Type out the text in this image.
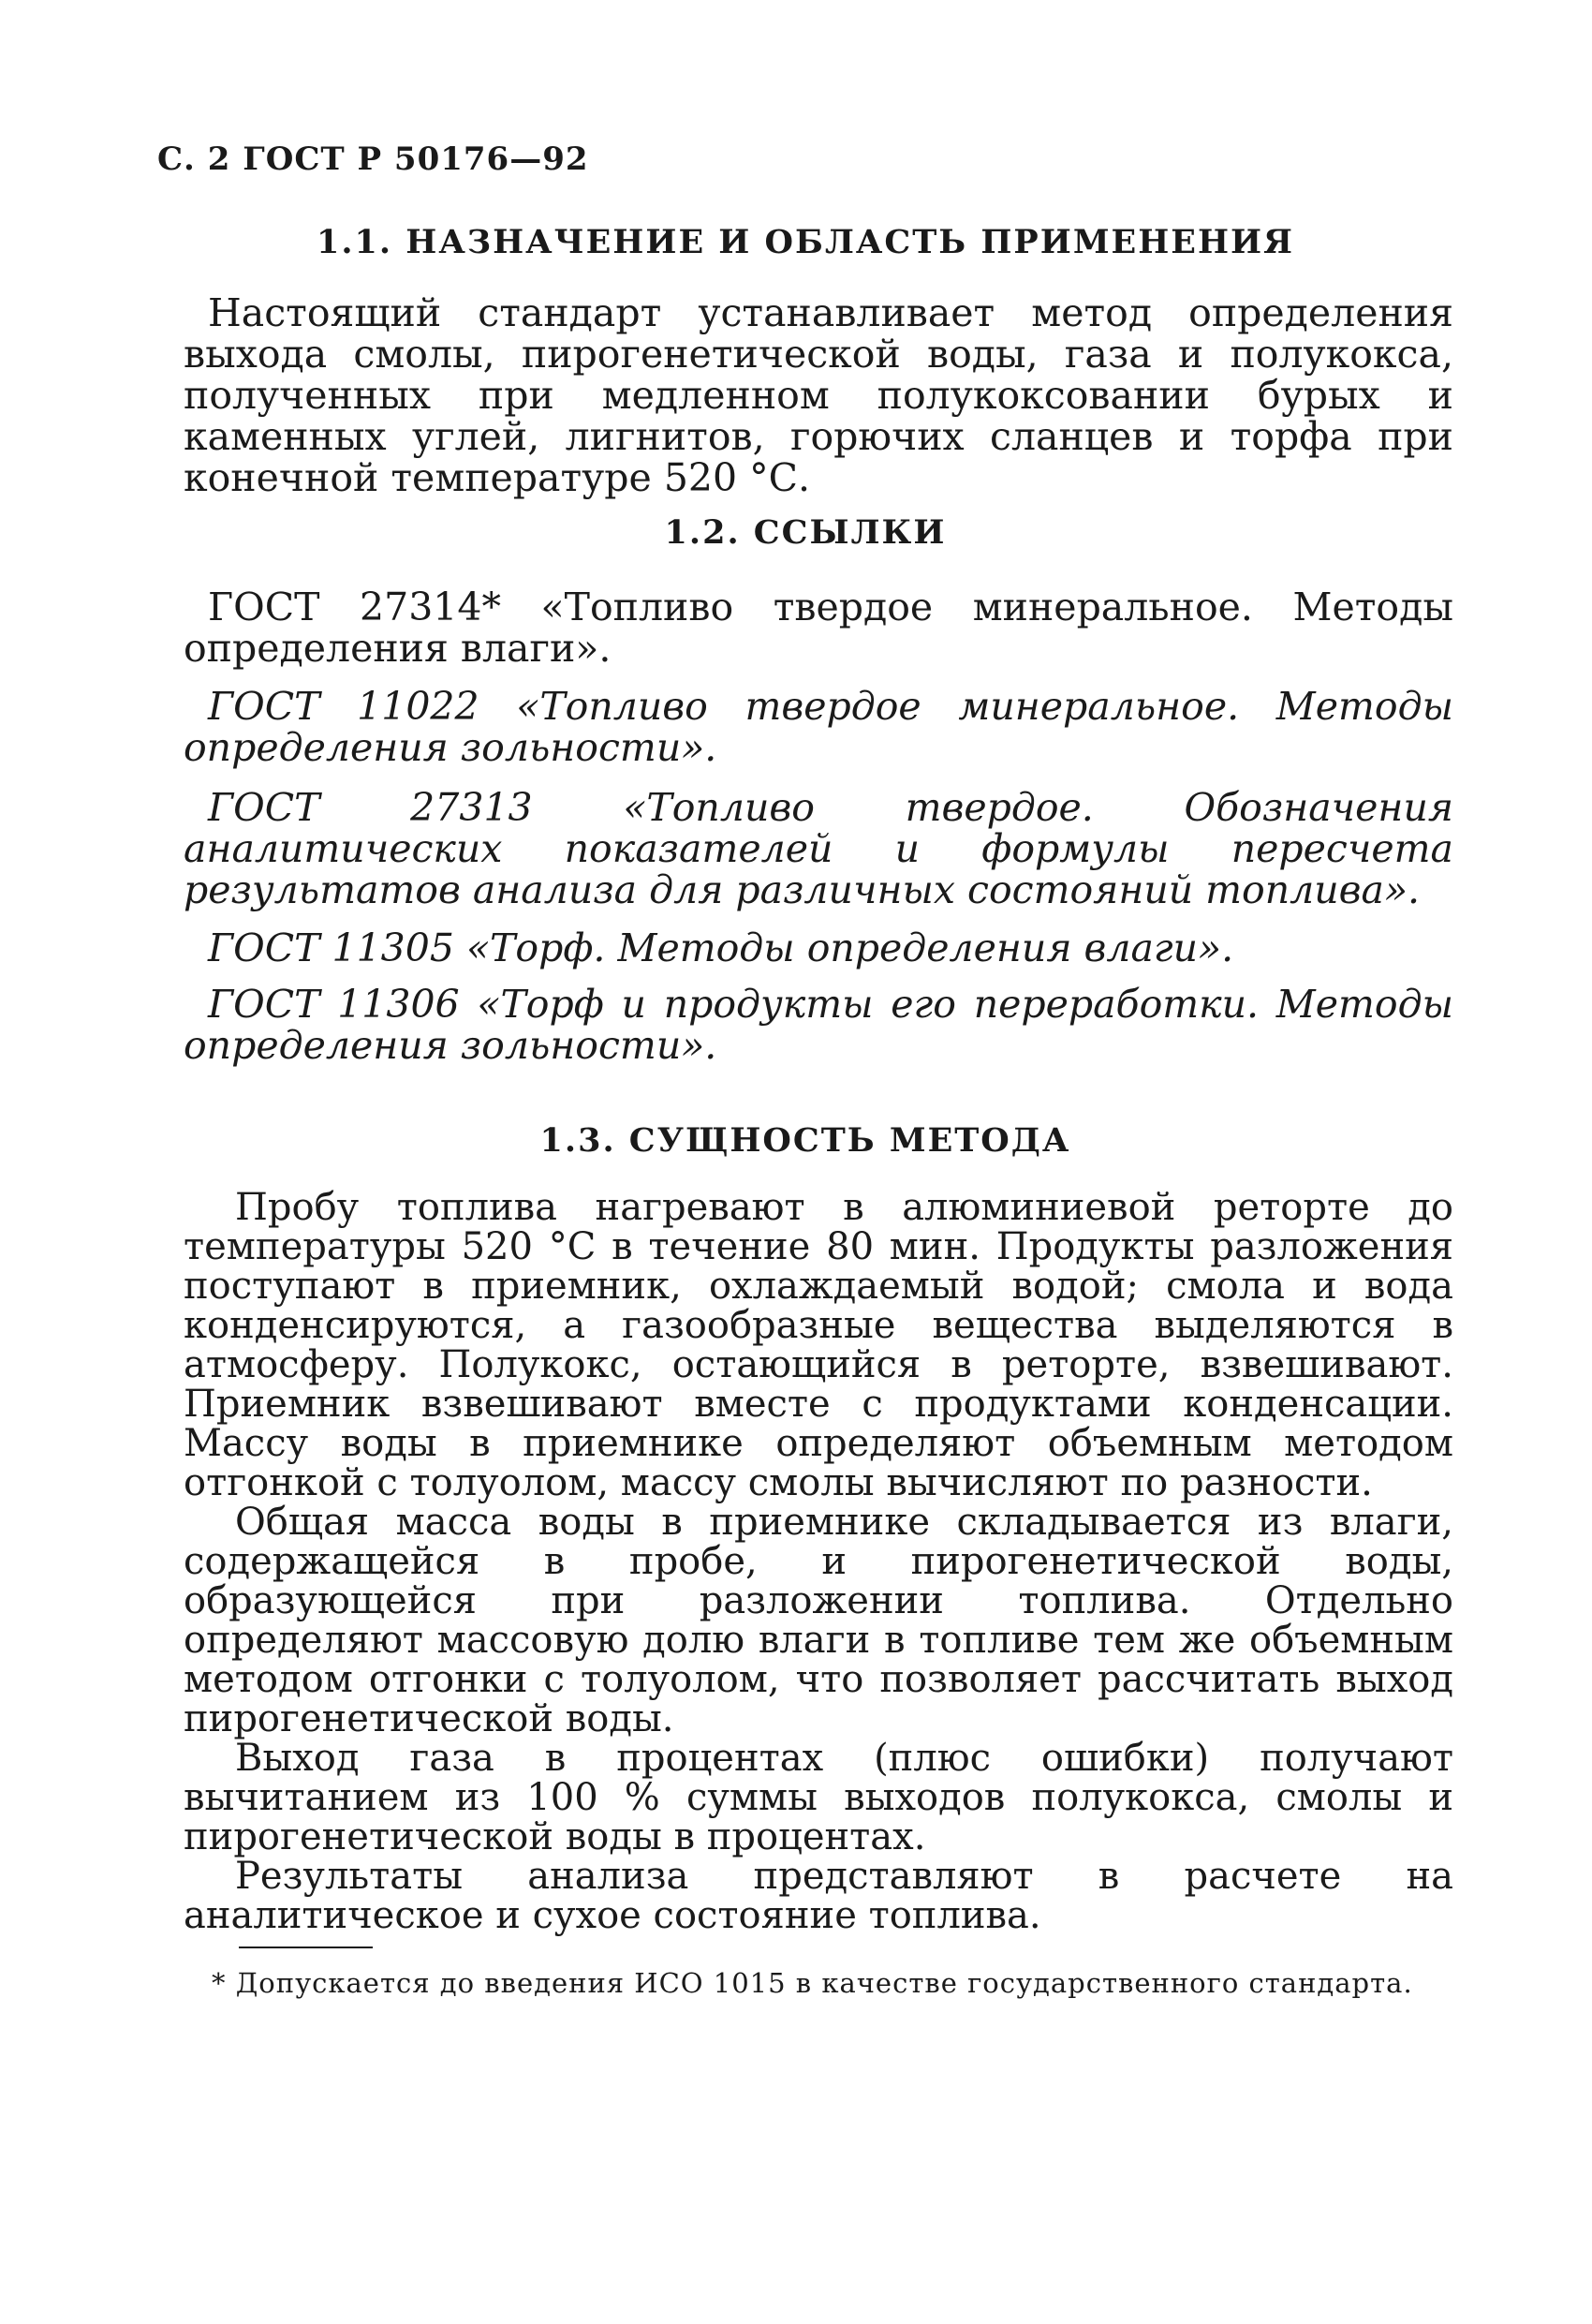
С. 2 ГОСТ Р 50176—92
1.1. НАЗНАЧЕНИЕ И ОБЛАСТЬ ПРИМЕНЕНИЯ
Настоящий стандарт устанавливает метод определения выхода смолы, пирогенетической воды, газа и полукокса, полученных при медленном полукоксовании бурых и каменных углей, лигнитов, горючих сланцев и торфа при конечной температуре 520 °С.
1.2. ССЫЛКИ
ГОСТ 27314* «Топливо твердое минеральное. Методы определения влаги».
ГОСТ 11022 «Топливо твердое минеральное. Методы определения зольности».
ГОСТ 27313 «Топливо твердое. Обозначения аналитических показателей и формулы пересчета результатов анализа для различных состояний топлива».
ГОСТ 11305 «Торф. Методы определения влаги».
ГОСТ 11306 «Торф и продукты его переработки. Методы определения зольности».
1.3. СУЩНОСТЬ МЕТОДА
Пробу топлива нагревают в алюминиевой реторте до температуры 520 °С в течение 80 мин. Продукты разложения поступают в приемник, охлаждаемый водой; смола и вода конденсируются, а газообразные вещества выделяются в атмосферу. Полукокс, остающийся в реторте, взвешивают. Приемник взвешивают вместе с продуктами конденсации. Массу воды в приемнике определяют объемным методом отгонкой с толуолом, массу смолы вычисляют по разности.
Общая масса воды в приемнике складывается из влаги, содержащейся в пробе, и пирогенетической воды, образующейся при разложении топлива. Отдельно определяют массовую долю влаги в топливе тем же объемным методом отгонки с толуолом, что позволяет рассчитать выход пирогенетической воды.
Выход газа в процентах (плюс ошибки) получают вычитанием из 100 % суммы выходов полукокса, смолы и пирогенетической воды в процентах.
Результаты анализа представляют в расчете на аналитическое и сухое состояние топлива.
* Допускается до введения ИСО 1015 в качестве государственного стандарта.
